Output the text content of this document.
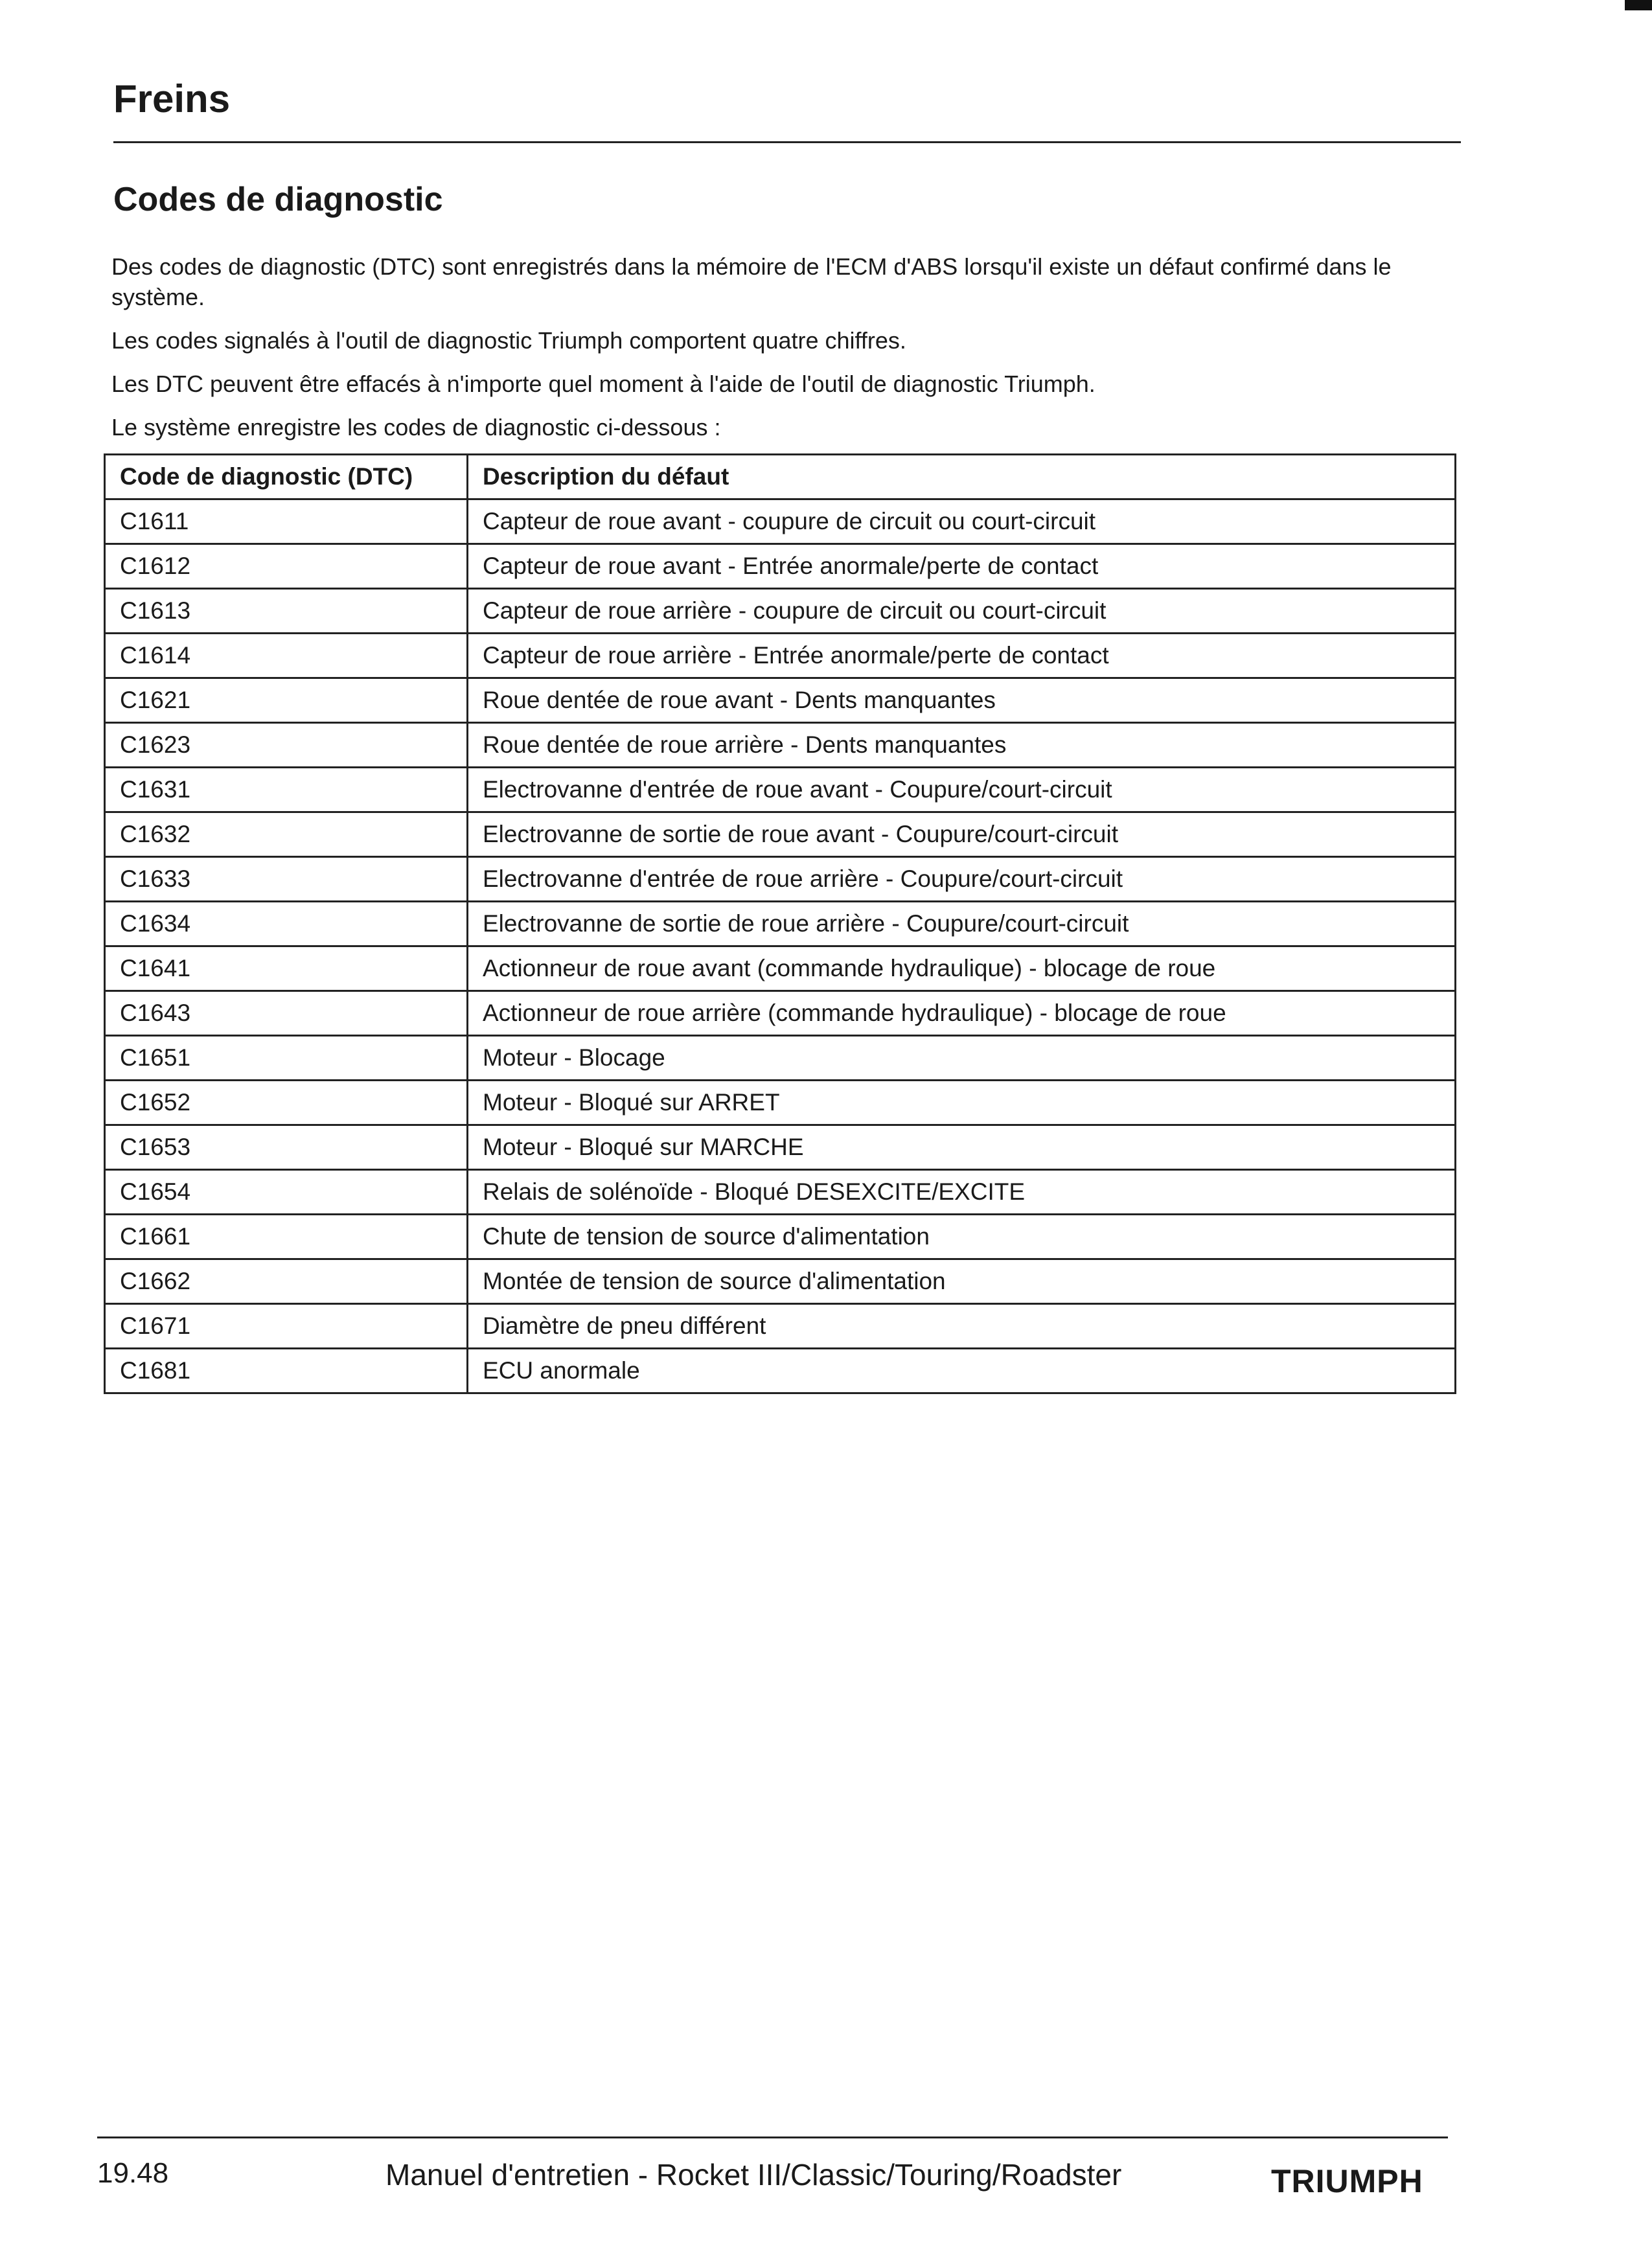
Freins
Codes de diagnostic

Des codes de diagnostic (DTC) sont enregistrés dans la mémoire de l'ECM d'ABS lorsqu'il existe un défaut confirmé dans le système.

Les codes signalés à l'outil de diagnostic Triumph comportent quatre chiffres.

Les DTC peuvent être effacés à n'importe quel moment à l'aide de l'outil de diagnostic Triumph.

Le système enregistre les codes de diagnostic ci-dessous :

Code de diagnostic (DTC)	Description du défaut
C1611	Capteur de roue avant - coupure de circuit ou court-circuit
C1612	Capteur de roue avant - Entrée anormale/perte de contact
C1613	Capteur de roue arrière - coupure de circuit ou court-circuit
C1614	Capteur de roue arrière - Entrée anormale/perte de contact
C1621	Roue dentée de roue avant - Dents manquantes
C1623	Roue dentée de roue arrière - Dents manquantes
C1631	Electrovanne d'entrée de roue avant - Coupure/court-circuit
C1632	Electrovanne de sortie de roue avant - Coupure/court-circuit
C1633	Electrovanne d'entrée de roue arrière - Coupure/court-circuit
C1634	Electrovanne de sortie de roue arrière - Coupure/court-circuit
C1641	Actionneur de roue avant (commande hydraulique) - blocage de roue
C1643	Actionneur de roue arrière (commande hydraulique) - blocage de roue
C1651	Moteur - Blocage
C1652	Moteur - Bloqué sur ARRET
C1653	Moteur - Bloqué sur MARCHE
C1654	Relais de solénoïde - Bloqué DESEXCITE/EXCITE
C1661	Chute de tension de source d'alimentation
C1662	Montée de tension de source d'alimentation
C1671	Diamètre de pneu différent
C1681	ECU anormale
19.48	Manuel d'entretien - Rocket III/Classic/Touring/Roadster	TRIUMPH
